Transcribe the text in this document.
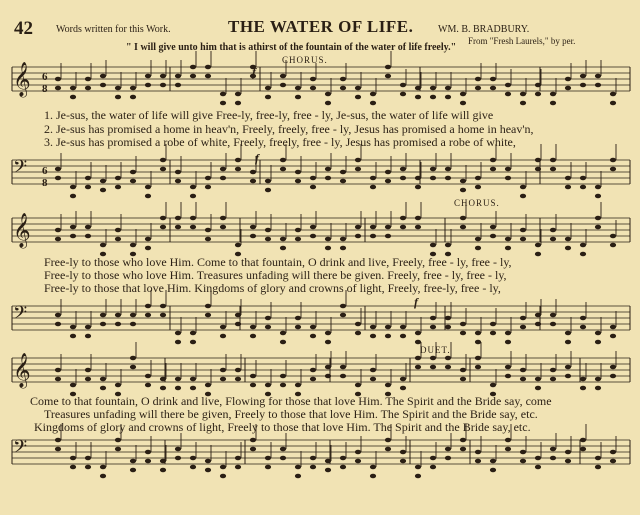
42 Words written for this Work.	THE WATER OF LIFE. WM. B. BRADBURY.
From "Fresh Laurels," by per.
" I will give unto him that is athirst of the fountain of the water of life freely."
CHORUS.
CHORUS.
DUET.
𝄞
𝄢
𝄞
𝄢
𝄞
𝄢
f
f
f
6
8
6
8
1. Je-sus, the water of life will give Free-ly, free-ly, free - ly, Je-sus, the water of life will give
2. Je-sus has promised a home in heav'n, Freely, freely, free - ly, Jesus has promised a home in heav'n,
3. Je-sus has promised a robe of white, Freely, freely, free - ly, Jesus has promised a robe of white,
Free-ly to those who love Him. Come to that fountain, O drink and live, Freely, free - ly, free - ly,
Free-ly to those who love Him. Treasures unfading will there be given. Freely, free - ly, free - ly,
Free-ly to those that love Him. Kingdoms of glory and crowns of light, Freely, free-ly, free - ly,
Come to that fountain, O drink and live, Flowing for those that love Him. The Spirit and the Bride say, come
Treasures unfading will there be given, Freely to those that love Him. The Spirit and the Bride say, etc.
Kingdoms of glory and crowns of light, Freely to those that love Him. The Spirit and the Bride say, etc.
